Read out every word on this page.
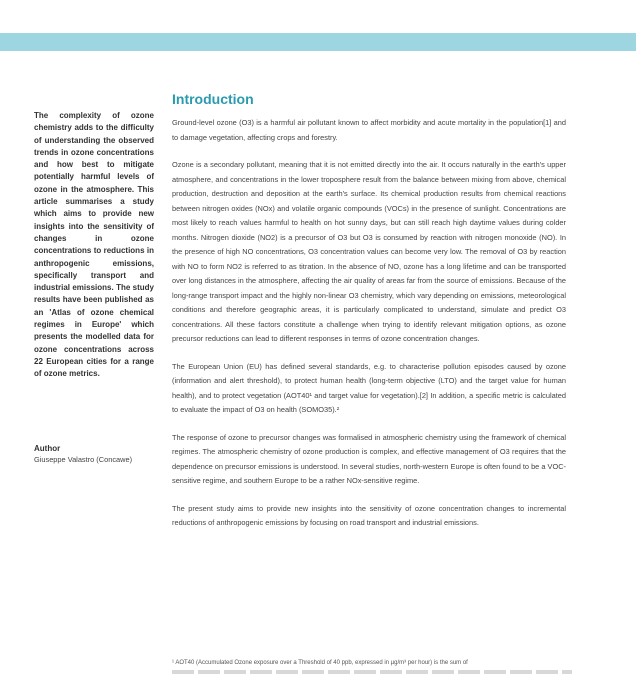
The complexity of ozone chemistry adds to the difficulty of understanding the observed trends in ozone concentrations and how best to mitigate potentially harmful levels of ozone in the atmosphere. This article summarises a study which aims to provide new insights into the sensitivity of changes in ozone concentrations to reductions in anthropogenic emissions, specifically transport and industrial emissions. The study results have been published as an 'Atlas of ozone chemical regimes in Europe' which presents the modelled data for ozone concentrations across 22 European cities for a range of ozone metrics.

Author
Giuseppe Valastro (Concawe)
Introduction

Ground-level ozone (O3) is a harmful air pollutant known to affect morbidity and acute mortality in the population[1] and to damage vegetation, affecting crops and forestry.

Ozone is a secondary pollutant, meaning that it is not emitted directly into the air. It occurs naturally in the earth's upper atmosphere, and concentrations in the lower troposphere result from the balance between mixing from above, chemical production, destruction and deposition at the earth's surface. Its chemical production results from chemical reactions between nitrogen oxides (NOx) and volatile organic compounds (VOCs) in the presence of sunlight. Concentrations are most likely to reach values harmful to health on hot sunny days, but can still reach high daytime values during colder months. Nitrogen dioxide (NO2) is a precursor of O3 but O3 is consumed by reaction with nitrogen monoxide (NO). In the presence of high NO concentrations, O3 concentration values can become very low. The removal of O3 by reaction with NO to form NO2 is referred to as titration. In the absence of NO, ozone has a long lifetime and can be transported over long distances in the atmosphere, affecting the air quality of areas far from the source of emissions. Because of the long-range transport impact and the highly non-linear O3 chemistry, which vary depending on emissions, meteorological conditions and therefore geographic areas, it is particularly complicated to understand, simulate and predict O3 concentrations. All these factors constitute a challenge when trying to identify relevant mitigation options, as ozone precursor reductions can lead to different responses in terms of ozone concentration changes.

The European Union (EU) has defined several standards, e.g. to characterise pollution episodes caused by ozone (information and alert threshold), to protect human health (long-term objective (LTO) and the target value for human health), and to protect vegetation (AOT40¹ and target value for vegetation).[2] In addition, a specific metric is calculated to evaluate the impact of O3 on health (SOMO35).²

The response of ozone to precursor changes was formalised in atmospheric chemistry using the framework of chemical regimes. The atmospheric chemistry of ozone production is complex, and effective management of O3 requires that the dependence on precursor emissions is understood. In several studies, north-western Europe is often found to be a VOC-sensitive regime, and southern Europe to be a rather NOx-sensitive regime.

The present study aims to provide new insights into the sensitivity of ozone concentration changes to incremental reductions of anthropogenic emissions by focusing on road transport and industrial emissions.

¹ AOT40 (Accumulated Ozone exposure over a Threshold of 40 ppb, expressed in µg/m³ per hour) is the sum of
